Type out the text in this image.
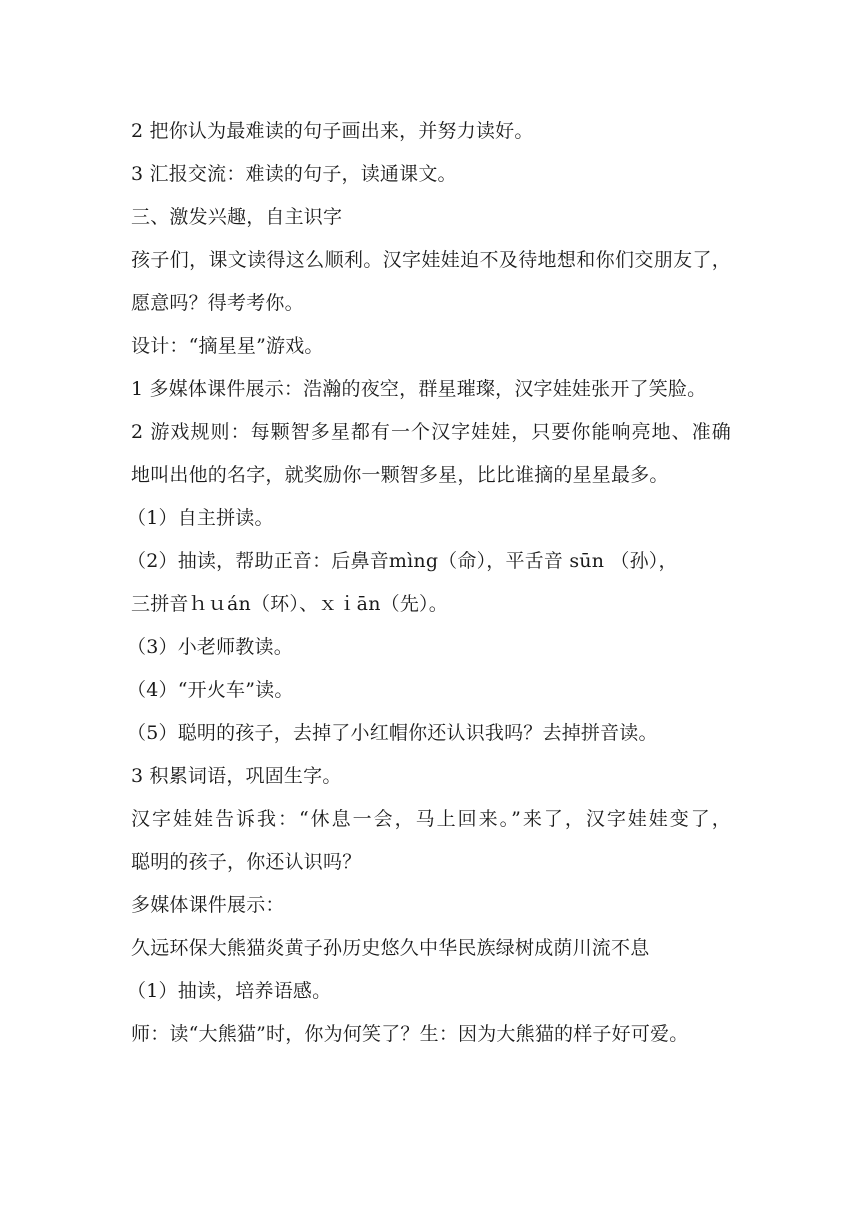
2 把你认为最难读的句子画出来，并努力读好。
3 汇报交流：难读的句子，读通课文。
三、激发兴趣，自主识字
孩子们，课文读得这么顺利。汉字娃娃迫不及待地想和你们交朋友了，
愿意吗？得考考你。
设计：“摘星星”游戏。
1 多媒体课件展示：浩瀚的夜空，群星璀璨，汉字娃娃张开了笑脸。
2 游戏规则：每颗智多星都有一个汉字娃娃，只要你能响亮地、准确
地叫出他的名字，就奖励你一颗智多星，比比谁摘的星星最多。
（1）自主拼读。
（2）抽读，帮助正音：后鼻音mìng（命），平舌音 sūn （孙），
三拼音ｈｕán（环）、ｘｉān（先）。
（3）小老师教读。
（4）“开火车”读。
（5）聪明的孩子，去掉了小红帽你还认识我吗？去掉拼音读。
3 积累词语，巩固生字。
汉字娃娃告诉我：“休息一会，马上回来。”来了，汉字娃娃变了，
聪明的孩子，你还认识吗？
多媒体课件展示：
久远环保大熊猫炎黄子孙历史悠久中华民族绿树成荫川流不息
（1）抽读，培养语感。
师：读“大熊猫”时，你为何笑了？生：因为大熊猫的样子好可爱。
